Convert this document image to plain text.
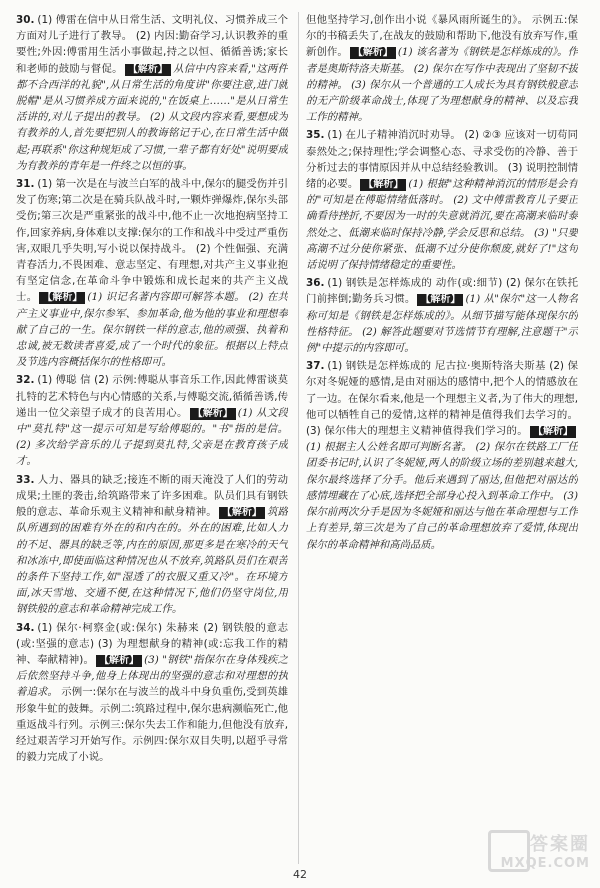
30. (1) 傅雷在信中从日常生活、文明礼仪、习惯养成三个方面对儿子进行了教导。 (2) 内因:勤奋学习,认识教养的重要性;外因:傅雷用生活小事做起,持之以恒、循循善诱;家长和老师的鼓励与督促。 【解析】 从信中内容来看,"这两件都不合西洋的礼貌",从日常生活的角度讲"你要注意,进门就脱帽"是从习惯养成方面来说的,"在饭桌上……"是从日常生活讲的,对儿子提出的教导。 (2) 从文段内容来看,要想成为有教养的人,首先要把别人的教诲铭记于心,在日常生活中做起;再联系"你这种规矩成了习惯,一辈子都有好处"说明要成为有教养的青年是一件终之以恒的事。

31. (1) 第一次是在与波兰白军的战斗中,保尔的腿受伤并引发了伤寒;第二次是在骑兵队战斗时,一颗炸弹爆炸,保尔头部受伤;第三次是严重紧张的战斗中,他不止一次地抱病坚持工作,回家养病,身体难以支撑:保尔的工作和战斗中受过严重伤害,双眼几乎失明,写小说以保持战斗。 (2) 个性倔强、充满青春活力,不畏困难、意志坚定、有理想,对共产主义事业抱有坚定信念,在革命斗争中锻炼和成长起来的共产主义战士。 【解析】 (1) 识记名著内容即可解答本题。 (2) 在共产主义事业中,保尔参军、参加革命,他为他的事业和理想奉献了自己的一生。保尔钢铁一样的意志,他的顽强、执着和忠诚,被无数读者喜爱,成了一个时代的象征。根据以上特点及节选内容概括保尔的性格即可。

32. (1) 傅聪 信 (2) 示例:傅聪从事音乐工作,因此傅雷谈莫扎特的艺术特色与内心情感的关系,与傅聪交流,循循善诱,传递出一位父亲望子成才的良苦用心。 【解析】 (1) 从文段中"莫扎特"这一提示可知是写给傅聪的。"书"指的是信。 (2) 多次给学音乐的儿子提到莫扎特,父亲是在教育孩子成才。

33. 人力、器具的缺乏;接连不断的雨天淹没了人们的劳动成果;土匪的袭击,给筑路带来了许多困难。队员们具有钢铁般的意志、革命乐观主义精神和献身精神。 【解析】 筑路队所遇到的困难有外在的和内在的。外在的困难,比如人力的不足、器具的缺乏等,内在的原因,那更多是在寒冷的天气和冰冻中,即使面临这种情况也从不放弃,筑路队员们在艰苦的条件下坚持工作,如"湿透了的衣服又重又冷"。在环境方面,冰天雪地、交通不便,在这种情况下,他们仍坚守岗位,用钢铁般的意志和革命精神完成工作。

34. (1) 保尔·柯察金(或:保尔) 朱赫来 (2) 钢铁般的意志(或:坚强的意志) (3) 为理想献身的精神(或:忘我工作的精神、奉献精神)。 【解析】 (3) "钢铁"指保尔在身体残疾之后依然坚持斗争,他身上体现出的坚强的意志和对理想的执着追求。 示例一:保尔在与波兰的战斗中身负重伤,受到英雄形象牛虻的鼓舞。示例二:筑路过程中,保尔患病濒临死亡,他重返战斗行列。示例三:保尔失去工作和能力,但他没有放弃,经过艰苦学习开始写作。示例四:保尔双目失明,以超乎寻常的毅力完成了小说。

但他坚持学习,创作出小说《暴风雨所诞生的》。 示例五:保尔的书稿丢失了,在战友的鼓励和帮助下,他没有放弃写作,重新创作。 【解析】 (1) 该名著为《钢铁是怎样炼成的》。作者是奥斯特洛夫斯基。 (2) 保尔在写作中表现出了坚韧不拔的精神。 (3) 保尔从一个普通的工人成长为具有钢铁般意志的无产阶级革命战士,体现了为理想献身的精神、以及忘我工作的精神。

35. (1) 在儿子精神消沉时劝导。 (2) ②③ 应该对一切苟同泰然处之;保持理性;学会调整心态、寻求受伤的冷静、善于分析过去的事情原因并从中总结经验教训。 (3) 说明控制情绪的必要。 【解析】 (1) 根据"这种精神消沉的情形是会有的"可知是在傅聪情绪低落时。 (2) 文中傅雷教育儿子要正确看待挫折,不要因为一时的失意就消沉,要在高潮来临时泰然处之、低潮来临时保持冷静,学会反思和总结。 (3) "只要高潮不过分使你紧张、低潮不过分使你颓废,就好了!"这句话说明了保持情绪稳定的重要性。

36. (1) 钢铁是怎样炼成的 动作(或:细节) (2) 保尔在铁托门前摔倒;勤务兵习惯。 【解析】 (1) 从"保尔"这一人物名称可知是《钢铁是怎样炼成的》。从细节描写能体现保尔的性格特征。 (2) 解答此题要对节选情节有理解,注意题干"示例"中提示的内容即可。

37. (1) 钢铁是怎样炼成的 尼古拉·奥斯特洛夫斯基 (2) 保尔对冬妮娅的感情,是由对丽达的感情中,把个人的情感放在了一边。在保尔看来,他是一个理想主义者,为了伟大的理想,他可以牺牲自己的爱情,这样的精神是值得我们去学习的。 (3) 保尔伟大的理想主义精神值得我们学习的。 【解析】(1) 根据主人公姓名即可判断名著。 (2) 保尔在铁路工厂任团委书记时,认识了冬妮娅,两人的阶级立场的差别越来越大,保尔最终选择了分手。他后来遇到了丽达,但他把对丽达的感情埋藏在了心底,选择把全部身心投入到革命工作中。 (3) 保尔前两次分手是因为冬妮娅和丽达与他在革命理想与工作上有差异,第三次是为了自己的革命理想放弃了爱情,体现出保尔的革命精神和高尚品质。

42
答案圈
MXQE.COM
